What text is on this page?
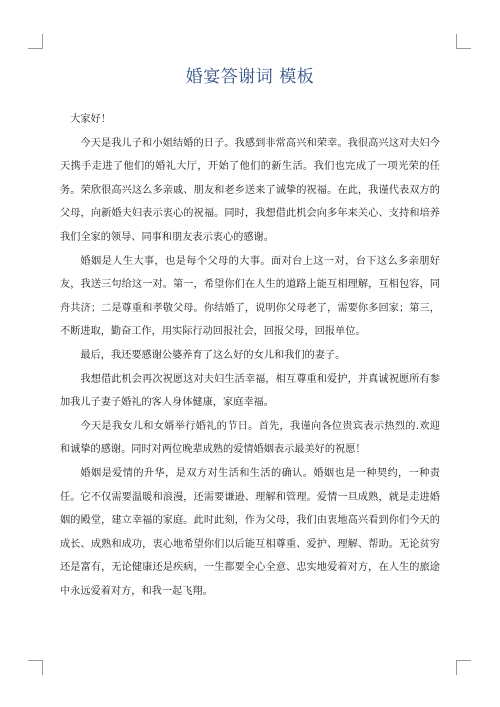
婚宴答谢词 模板

大家好！

今天是我儿子和小姐结婚的日子。我感到非常高兴和荣幸。我很高兴这对夫妇今天携手走进了他们的婚礼大厅，开始了他们的新生活。我们也完成了一项光荣的任务。荣欣很高兴这么多亲戚、朋友和老乡送来了诚挚的祝福。在此，我谨代表双方的父母，向新婚夫妇表示衷心的祝福。同时，我想借此机会向多年来关心、支持和培养我们全家的领导、同事和朋友表示衷心的感谢。

婚姻是人生大事，也是每个父母的大事。面对台上这一对，台下这么多亲朋好友，我送三句给这一对。第一，希望你们在人生的道路上能互相理解，互相包容，同舟共济；二是尊重和孝敬父母。你结婚了，说明你父母老了，需要你多回家；第三，不断进取，勤奋工作，用实际行动回报社会，回报父母，回报单位。

最后，我还要感谢公婆养育了这么好的女儿和我们的妻子。

我想借此机会再次祝愿这对夫妇生活幸福，相互尊重和爱护，并真诚祝愿所有参加我儿子妻子婚礼的客人身体健康，家庭幸福。

今天是我女儿和女婿举行婚礼的节日。首先，我谨向各位贵宾表示热烈的.欢迎和诚挚的感谢。同时对两位晚辈成熟的爱情婚姻表示最美好的祝愿！

婚姻是爱情的升华，是双方对生活和生活的确认。婚姻也是一种契约，一种责任。它不仅需要温暖和浪漫，还需要谦逊、理解和管理。爱情一旦成熟，就是走进婚姻的殿堂，建立幸福的家庭。此时此刻，作为父母，我们由衷地高兴看到你们今天的成长、成熟和成功，衷心地希望你们以后能互相尊重、爱护、理解、帮助。无论贫穷还是富有，无论健康还是疾病，一生都要全心全意、忠实地爱着对方，在人生的旅途中永远爱着对方，和我一起飞翔。
